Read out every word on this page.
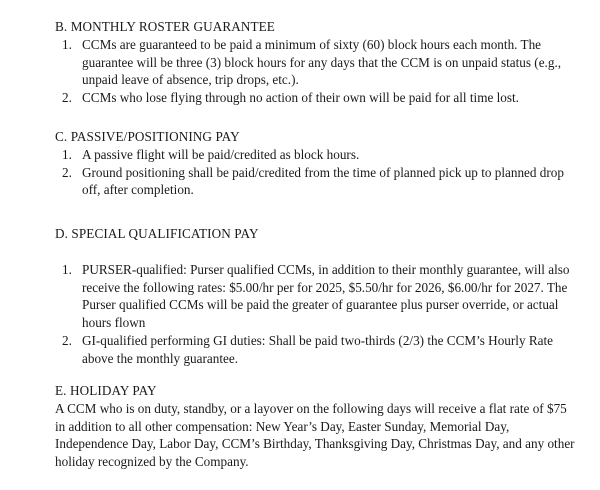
B. MONTHLY ROSTER GUARANTEE

1. CCMs are guaranteed to be paid a minimum of sixty (60) block hours each month. The guarantee will be three (3) block hours for any days that the CCM is on unpaid status (e.g., unpaid leave of absence, trip drops, etc.).
2. CCMs who lose flying through no action of their own will be paid for all time lost.

C. PASSIVE/POSITIONING PAY

1. A passive flight will be paid/credited as block hours.
2. Ground positioning shall be paid/credited from the time of planned pick up to planned drop off, after completion.

D. SPECIAL QUALIFICATION PAY

1. PURSER-qualified: Purser qualified CCMs, in addition to their monthly guarantee, will also receive the following rates: $5.00/hr per for 2025, $5.50/hr for 2026, $6.00/hr for 2027. The Purser qualified CCMs will be paid the greater of guarantee plus purser override, or actual hours flown
2. GI-qualified performing GI duties: Shall be paid two-thirds (2/3) the CCM’s Hourly Rate above the monthly guarantee.

E. HOLIDAY PAY

A CCM who is on duty, standby, or a layover on the following days will receive a flat rate of $75 in addition to all other compensation: New Year’s Day, Easter Sunday, Memorial Day, Independence Day, Labor Day, CCM’s Birthday, Thanksgiving Day, Christmas Day, and any other holiday recognized by the Company.
